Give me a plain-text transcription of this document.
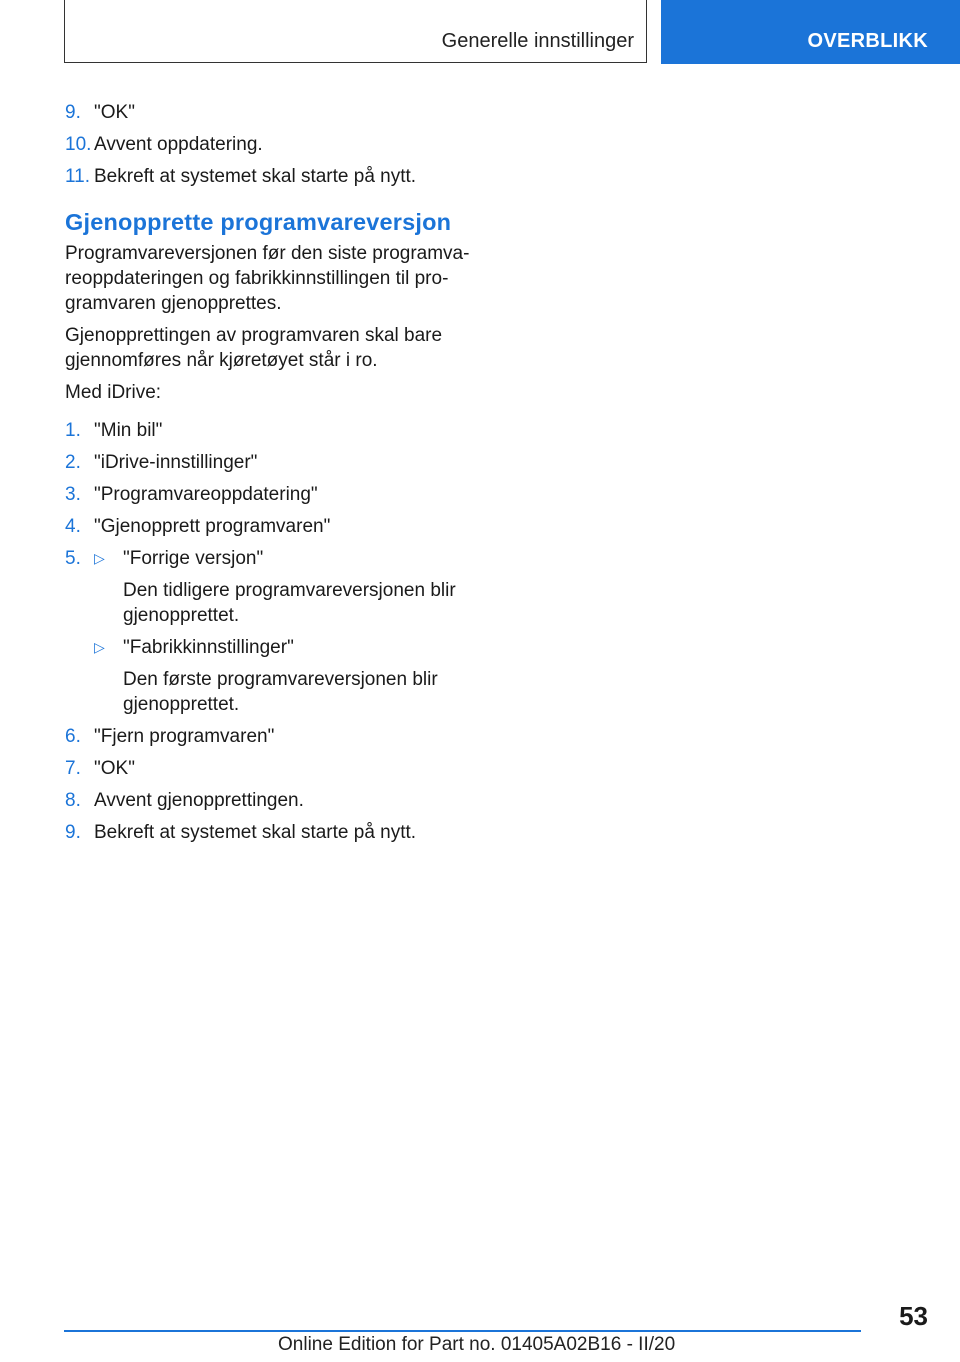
Generelle innstillinger	OVERBLIKK
9. "OK"
10. Avvent oppdatering.
11. Bekreft at systemet skal starte på nytt.
Gjenopprette programvareversjon
Programvareversjonen før den siste programva‐
reoppdateringen og fabrikkinnstillingen til pro‐
gramvaren gjenopprettes.
Gjenopprettingen av programvaren skal bare
gjennomføres når kjøretøyet står i ro.
Med iDrive:
1. "Min bil"
2. "iDrive-innstillinger"
3. "Programvareoppdatering"
4. "Gjenopprett programvaren"
5. ▷ "Forrige versjon"
Den tidligere programvareversjonen blir
gjenopprettet.
▷ "Fabrikkinnstillinger"
Den første programvareversjonen blir
gjenopprettet.
6. "Fjern programvaren"
7. "OK"
8. Avvent gjenopprettingen.
9. Bekreft at systemet skal starte på nytt.
53
Online Edition for Part no. 01405A02B16 - II/20
